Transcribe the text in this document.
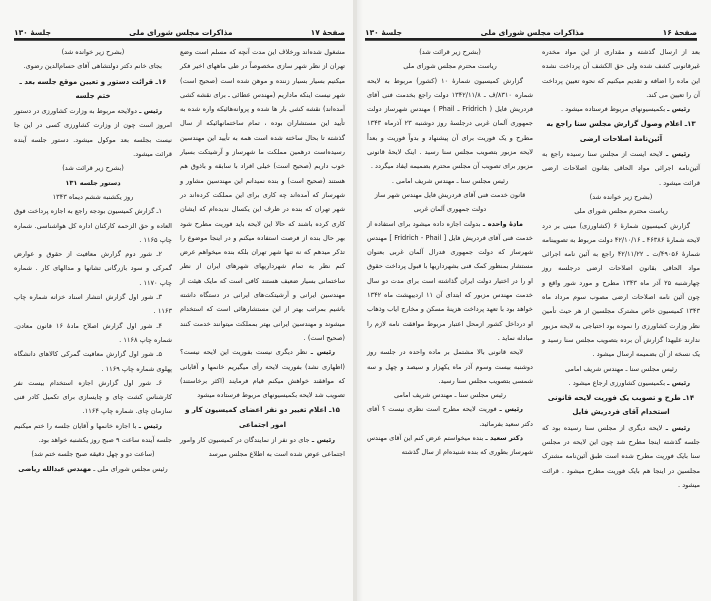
صفحهٔ ۱۷
مذاکرات مجلس شورای ملی
جلسهٔ ۱۳۰

مشغول شده‌اند ورخلاف این مدت آنچه که مسلم است وضع تهران از نظر شهر سازی مخصوصاً در طی ماههای اخیر فکر میکنیم بسیار بسیار زننده و موهن شده است (صحیح است) شهر نیست اینکه ماداریم (مهندس عطائی ـ برای نقشه کشی آمده‌اند) نقشه کشی بار ها شده و پروانه‌هائیکه واره شده به تأیید این مستشاران بوده ، تمام ساختمانهائیکه از سال گذشته تا بحال ساخته شده است همه به تأیید این مهندسین رسیده‌است درهمین مملکت ما شهرساز و آرشیتکت بسیار خوب داریم (صحیح است) خیلی افراد با سابقه و باذوق هم هستند (صحیح است) و بنده نمیدانم این مهندسین مشاور و شهرساز که آمده‌اند چه کاری برای این مملکت کرده‌اند در شهر تهران که بنده در ظرف این یکسال ندیده‌ام که ایشان کاری کرده باشند که حالا این لایحه باید فوریت مطرح شود بهر حال بنده از فرصت استفاده میکنم و در اینجا موضوع را تذکر میدهم که نه تنها شهر تهران بلکه بنده میخواهم عرض کنم نظر به تمام شهرداریهای شهرهای ایران از نظر ساختمانی بسیار ضعیف هستند کافی است که مایک هیئت از مهندسین ایرانی و آرشیتکت‌های ایرانی در دستگاه داشته باشیم بمراتب بهتر از این مستشارهائی است که استخدام میشوند و مهندسین ایرانی بهتر بمملکت میتوانند خدمت کنند (صحیح است) .

رئیس ـ نظر دیگری نیست بفوریت این لایحه نیست؟ (اظهاری نشد) بفوریت لایحه رأی میگیریم خانمها و آقایانی که موافقند خواهش میکنم قیام فرمایند (اکثر برخاستند) تصویب شد لایحه بکمیسیونهای مربوط فرستاده میشود

۱۵ـ اعلام تغییر دو نفر اعضای کمیسیون کار و امور اجتماعی

رئیس ـ جای دو نفر از نمایندگان در کمیسیون کار وامور اجتماعی عوض شده است به اطلاع مجلس میرسد

(بشرح زیر خوانده شد)

بجای خانم دکتر دولتشاهی آقای حسام‌الدین رضوی.

۱۶ـ قرائت دستور و تعیین موقع جلسه بعد ـ ختم جلسه

رئیس ـ دولایحه مربوط به وزارت کشاورزی در دستور امروز است چون از وزارت کشاورزی کسی در این جا نیست بجلسه بعد موکول میشود. دستور جلسه آینده قرائت میشود.

(بشرح زیر قرائت شد)

دستور جلسه ۱۳۱

روز یکشنبه ششم دیماه ۱۳۴۳

۱ـ گزارش کمیسیون بودجه راجع به اجازه پرداخت فوق العاده و حق الزحمه کارکنان اداره کل هواشناسی. شماره چاپ ۱۱۶۵ .

۲ـ شور دوم گزارش معافیت از حقوق و عوارض گمرکی و سود بازرگانی تشانها و مدالهای کار . شماره چاپ ۱۱۷۰ .

۳ـ شور اول گزارش انتشار اسناد خزانه شماره چاپ ۱۱۶۳ .

۴ـ شور اول گزارش اصلاح مادهٔ ۱۶ قانون معادن. شماره چاپ ۱۱۶۸ .

۵ـ شور اول گزارش معافیت گمرکی کالاهای دانشگاه پهلوی شماره چاپ ۱۱۶۹ .

۶ـ شور اول گزارش اجازه استخدام بیست نفر کارشناس کشت چای و چایسازی برای تکمیل کادر فنی سازمان چای. شماره چاپ ۱۱۶۴.

رئیس ـ با اجازه خانمها و آقایان جلسه را ختم میکنیم جلسه آینده ساعت ۹ صبح روز یکشنبه خواهد بود.

(ساعت دو و چهل دقیقه صبح جلسه ختم شد)

رئیس مجلس شورای ملی ـ مهندس عبدالله ریاضی

صفحهٔ ۱۶
مذاکرات مجلس شورای ملی
جلسهٔ ۱۳۰

بعد از ارسال گذشته و مقداری از این مواد مخدره غیرقانونی کشف شده ولی حق الکشف آن پرداخت نشده این ماده را اضافه و تقدیم میکنیم که نحوه تعیین پرداخت آن را تعیین می کند.

رئیس ـ بکمیسیونهای مربوط فرستاده میشود .

۱۳ـ اعلام وصول گزارش مجلس سنا راجع به آئین‌نامهٔ اصلاحات ارضی

رئیس ـ لایحه ایست از مجلس سنا رسیده راجع به آئین‌نامه اجرائی مواد الحاقی بقانون اصلاحات ارضی قرائت میشود .

(بشرح زیر خوانده شد)

ریاست محترم مجلس شورای ملی

گزارش کمیسیون شمارهٔ ۶ (کشاورزی) مینی بر درد لایحه شمارهٔ ۴۶۳۸۶ ـ ۴۲/۱۰/۱۶ دولت مربوط به تصویبنامه شمارهٔ ۴۹۰۵۶/ت ـ ۴۲/۱۱/۲۲ راجع به آئین نامه اجرائی مواد الحاقی بقانون اصلاحات ارضی درجلسه روز چهارشنبه ۲۵ آذر ماه ۱۳۴۳ مطرح و مورد شور واقع و چون آئین نامه اصلاحات ارضی مصوب سوم مرداد ماه ۱۳۴۳ کمیسیون خاص مشترک مجلسین از هر حیث تأمین نظر وزارت کشاورزی را نموده بود احتیاجی به لایحه مزبور ندارند علیهذا گزارش آن برده بتصویب مجلس سنا رسید و یک نسخه از آن بضمیمه ارسال میشود .

رئیس مجلس سنا ـ مهندس شریف امامی

رئیس ـ بکمیسیون کشاورزی ارجاع میشود .

۱۴ـ طرح و تصویب یک فوریت لایحه قانونی استخدام آقای فردریش فایل

رئیس ـ لایحه دیگری از مجلس سنا رسیده بود که جلسه گذشته اینجا مطرح شد چون این لایحه در مجلس سنا بایک فوریت مطرح شده است طبق آئین‌نامه مشترک مجلسین در اینجا هم بایک فوریت مطرح میشود . قرائت میشود .

(بشرح زیر قرائت شد)

ریاست محترم مجلس شورای ملی

گزارش کمیسیون شمارهٔ ۱۰ (کشور) مربوط به لایحه شماره ۸۳۱۰/ف ـ ۱۳۴۲/۱۱/۸ دولت راجع بخدمت فنی آقای فردریش فایل ( Fridrich ـ Phail ) مهندس شهرساز دولت جمهوری آلمان غربی درجلسهٔ روز دوشنبه ۲۳ آذرماه ۱۳۴۳ مطرح و یک فوریت برای آن پیشنهاد و بدواً فوریت و بعداً لایحه مزبور بتصویب مجلس سنا رسید . اینک لایحهٔ قانونی مزبور برای تصویب آن مجلس محترم بضمیمه ایفاد میگردد .

رئیس مجلس سنا ـ مهندس شریف امامی .

قانون خدمت فنی آقای فردریش فایل مهندس شهر ساز دولت جمهوری آلمان غربی

مادهٔ واحده ـ بدولت اجازه داده میشود برای استفاده از خدمت فنی آقای فردریش فایل [ Fridrich - Phail ] مهندس شهرساز که دولت جمهوری فدرال آلمان غربی بعنوان مستشار بمنظور کمک فنی بشهرداریها با قبول پرداخت حقوق او را در اختیار دولت ایران گذاشته است برای مدت دو سال خدمت مهندس مزبور که ابتدای آن ۱۱ اردیبهشت ماه ۱۳۴۲ خواهد بود با تعهد پرداخت هزینهٔ مسکن و مخارج ایاب وذهاب او درداخل کشور ازمحل اعتبار مربوط موافقت نامه لازم را مبادله نماید .

لایحه قانونی بالا مشتمل بر ماده واحده در جلسه روز دوشنبه بیست وسوم آذر ماه یکهزار و سیصد و چهل و سه شمسی بتصویب مجلس سنا رسید.

رئیس مجلس سنا ـ مهندس شریف امامی

رئیس ـ فوریت لایحه مطرح است نظری نیست ؟ آقای دکتر سعید بفرمائید.

دکتر سعید ـ بنده میخواستم عرض کنم این آقای مهندس شهرساز بطوری که بنده شنیده‌ام از سال گذشته
